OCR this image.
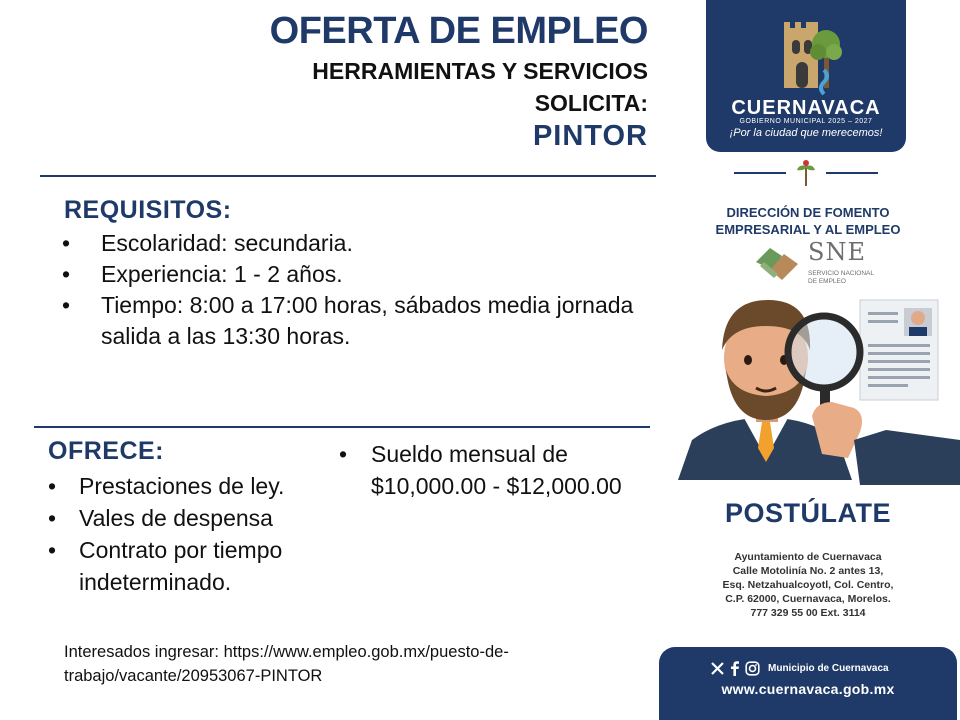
OFERTA DE EMPLEO
HERRAMIENTAS Y SERVICIOS
SOLICITA:
PINTOR
REQUISITOS:
• Escolaridad: secundaria.
• Experiencia: 1 - 2 años.
• Tiempo: 8:00 a 17:00 horas, sábados media jornada salida a las 13:30 horas.
OFRECE:
• Prestaciones de ley.
• Vales de despensa
• Contrato por tiempo indeterminado.
• Sueldo mensual de $10,000.00 - $12,000.00
Interesados ingresar: https://www.empleo.gob.mx/puesto-de-
trabajo/vacante/20953067-PINTOR
CUERNAVACA
GOBIERNO MUNICIPAL 2025 – 2027
¡Por la ciudad que merecemos!
DIRECCIÓN DE FOMENTO
EMPRESARIAL Y AL EMPLEO
SNE
SERVICIO NACIONAL
DE EMPLEO
POSTÚLATE
Ayuntamiento de Cuernavaca
Calle Motolinía No. 2 antes 13,
Esq. Netzahualcoyotl, Col. Centro,
C.P. 62000, Cuernavaca, Morelos.
777 329 55 00 Ext. 3114
Municipio de Cuernavaca
www.cuernavaca.gob.mx
